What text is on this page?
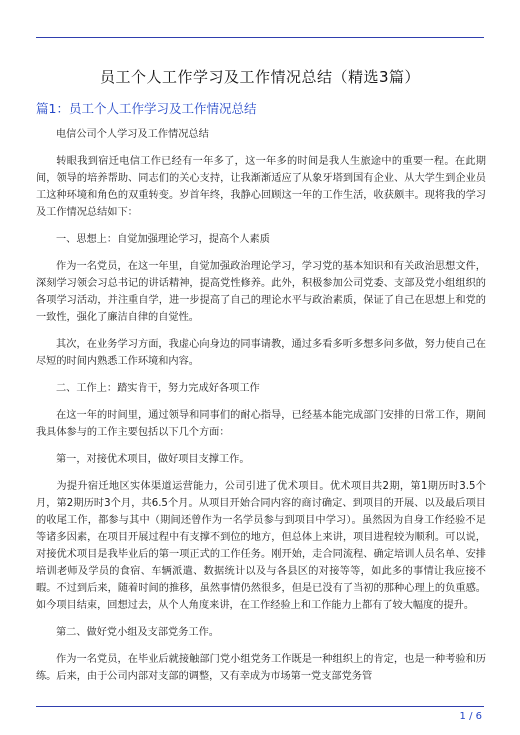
员工个人工作学习及工作情况总结（精选3篇）
篇1：员工个人工作学习及工作情况总结

电信公司个人学习及工作情况总结

转眼我到宿迁电信工作已经有一年多了，这一年多的时间是我人生旅途中的重要一程。在此期间，领导的培养帮助、同志们的关心支持，让我渐渐适应了从象牙塔到国有企业、从大学生到企业员工这种环境和角色的双重转变。岁首年终，我静心回顾这一年的工作生活，收获颇丰。现将我的学习及工作情况总结如下：

一、思想上：自觉加强理论学习，提高个人素质

作为一名党员，在这一年里，自觉加强政治理论学习，学习党的基本知识和有关政治思想文件，深刻学习领会习总书记的讲话精神，提高党性修养。此外，积极参加公司党委、支部及党小组组织的各项学习活动，并注重自学，进一步提高了自己的理论水平与政治素质，保证了自己在思想上和党的一致性，强化了廉洁自律的自觉性。

其次，在业务学习方面，我虚心向身边的同事请教，通过多看多听多想多问多做，努力使自己在尽短的时间内熟悉工作环境和内容。

二、工作上：踏实肯干，努力完成好各项工作

在这一年的时间里，通过领导和同事们的耐心指导，已经基本能完成部门安排的日常工作，期间我具体参与的工作主要包括以下几个方面：

第一，对接优术项目，做好项目支撑工作。

为提升宿迁地区实体渠道运营能力，公司引进了优术项目。优术项目共2期，第1期历时3.5个月，第2期历时3个月，共6.5个月。从项目开始合同内容的商讨确定、到项目的开展、以及最后项目的收尾工作，都参与其中（期间还曾作为一名学员参与到项目中学习）。虽然因为自身工作经验不足等诸多因素，在项目开展过程中有支撑不到位的地方，但总体上来讲，项目进程较为顺利。可以说，对接优术项目是我毕业后的第一项正式的工作任务。刚开始，走合同流程、确定培训人员名单、安排培训老师及学员的食宿、车辆派遣、数据统计以及与各县区的对接等等，如此多的事情让我应接不暇。不过到后来，随着时间的推移，虽然事情仍然很多，但是已没有了当初的那种心理上的负重感。如今项目结束，回想过去，从个人角度来讲，在工作经验上和工作能力上都有了较大幅度的提升。

第二、做好党小组及支部党务工作。

作为一名党员，在毕业后就接触部门党小组党务工作既是一种组织上的肯定，也是一种考验和历练。后来，由于公司内部对支部的调整，又有幸成为市场第一党支部党务管

1 / 6
